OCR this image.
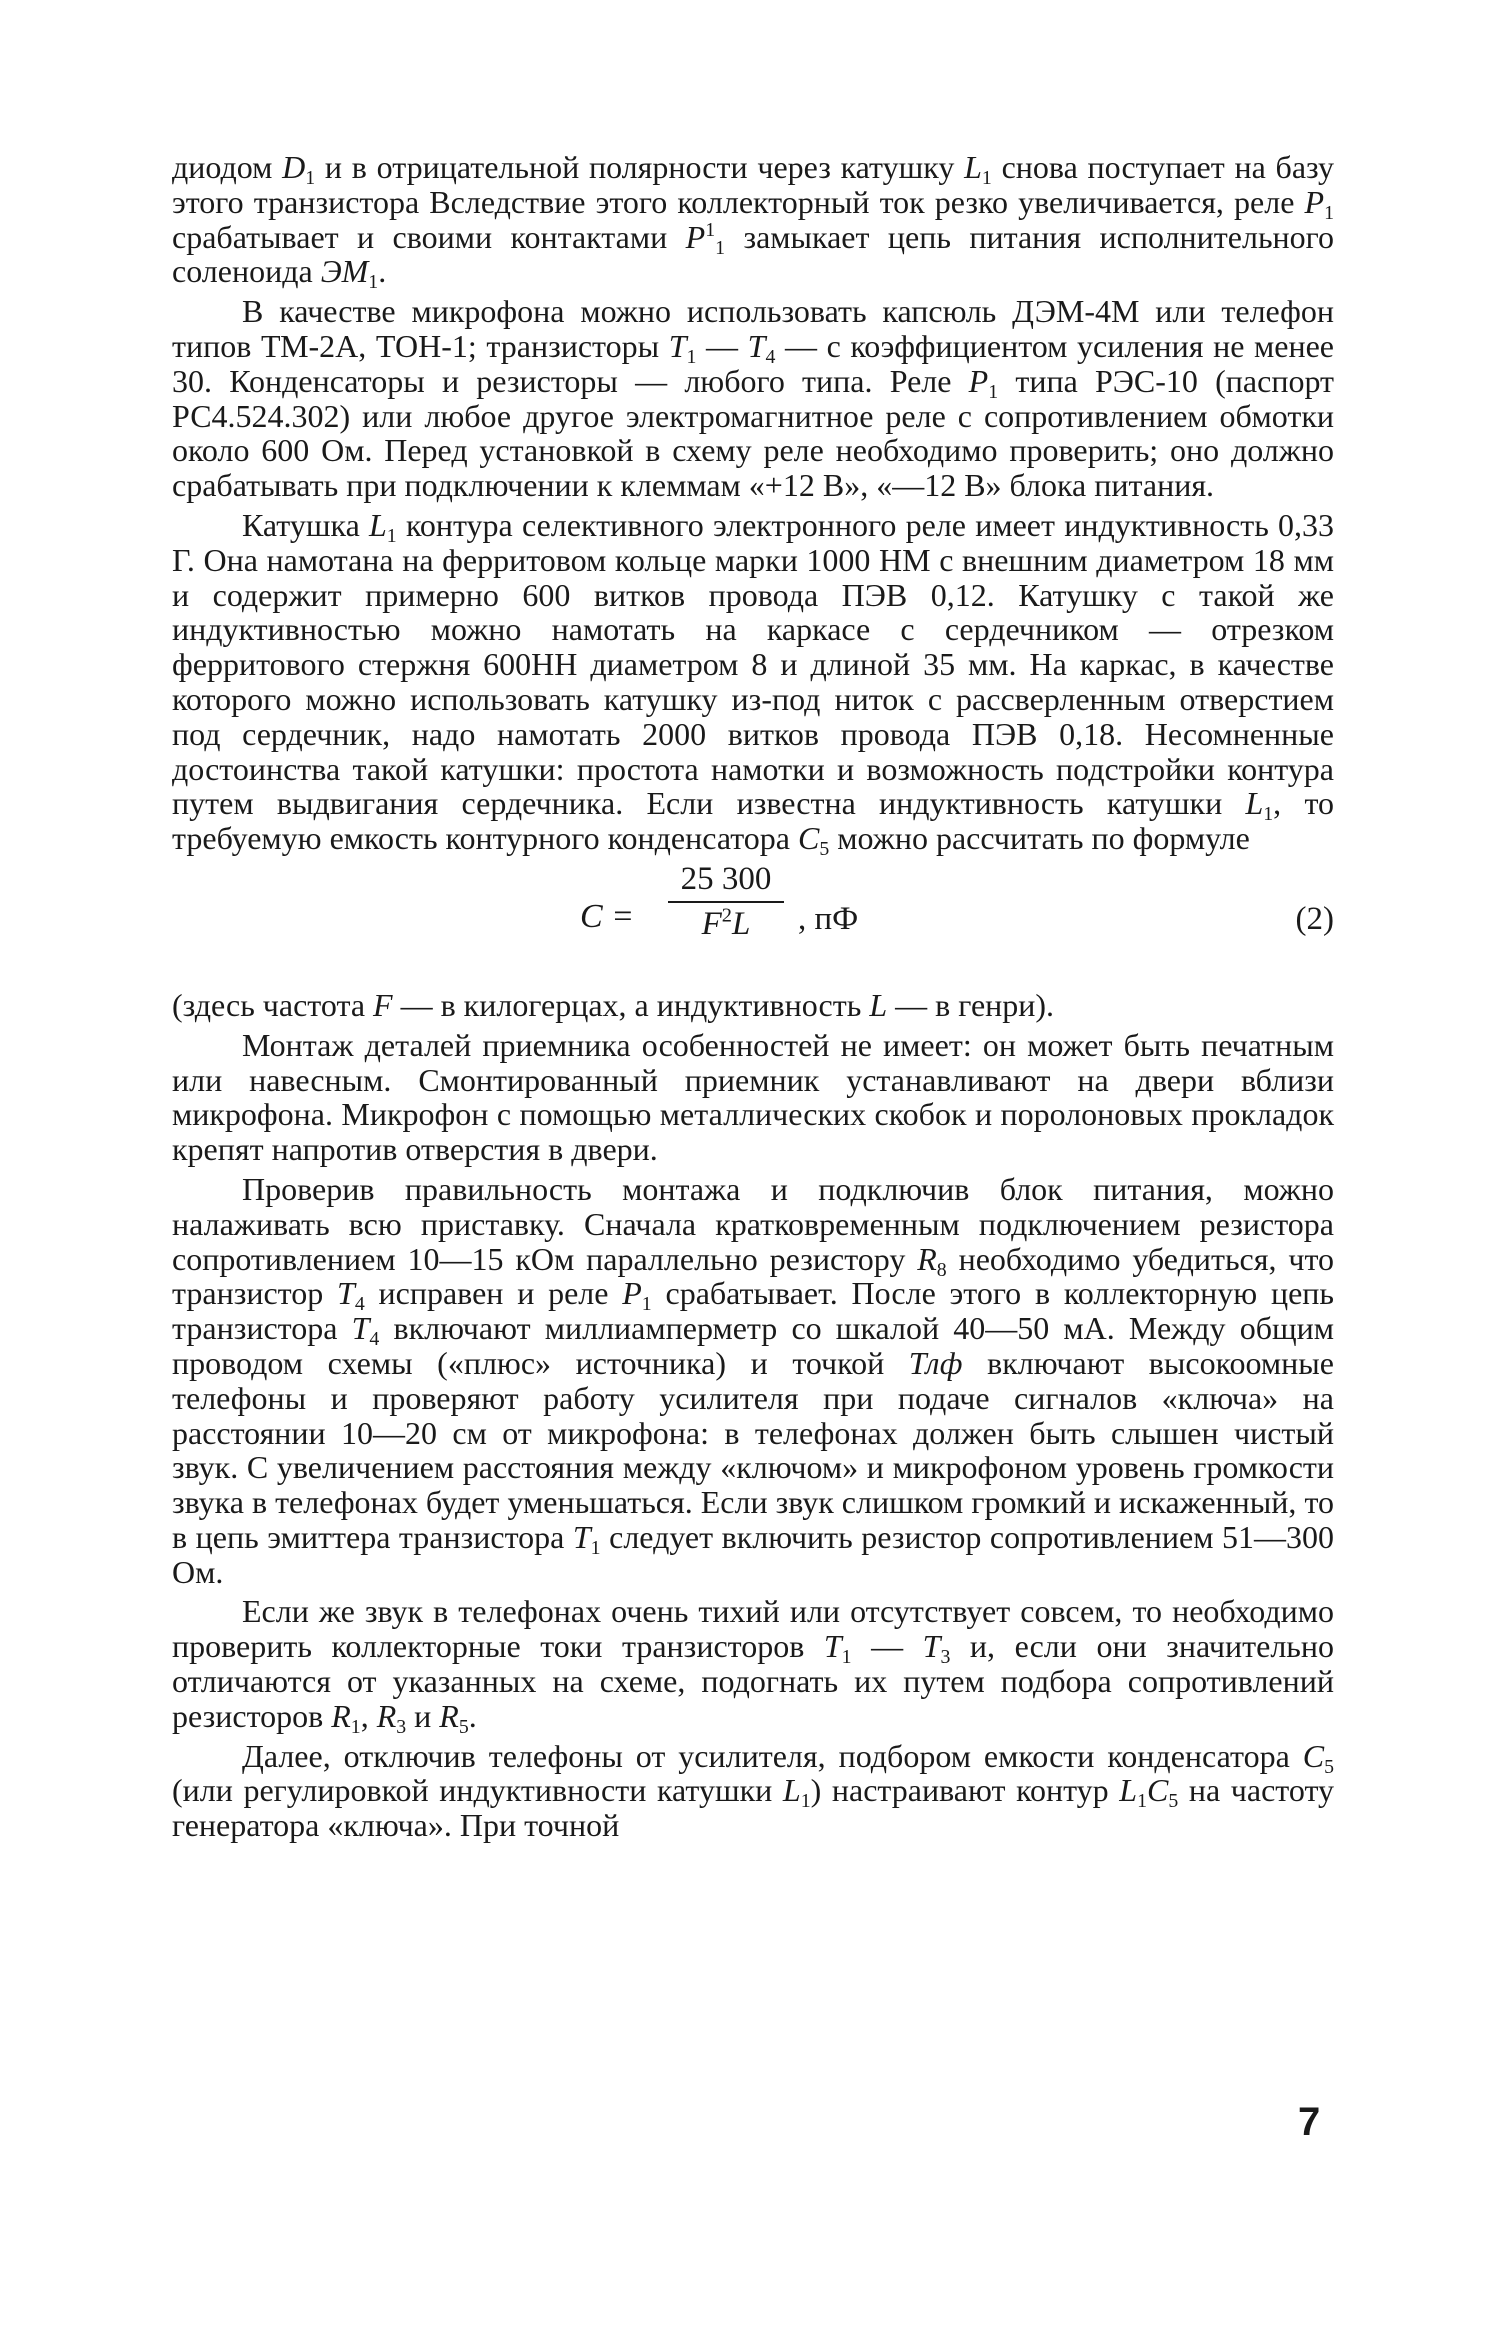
диодом $D_1$ и в отрицательной полярности через катушку $L_1$ снова поступает на базу этого транзистора Вследствие этого коллекторный ток резко увеличивается, реле $P_1$ срабатывает и своими контактами $P^1_1$ замыкает цепь питания исполнительного соленоида $ЭМ_1$.

В качестве микрофона можно использовать капсюль ДЭМ-4М или телефон типов ТМ-2А, ТОН-1; транзисторы $T_1$ — $T_4$ — с коэффициентом усиления не менее 30. Конденсаторы и резисторы — любого типа. Реле $P_1$ типа РЭС-10 (паспорт РС4.524.302) или любое другое электромагнитное реле с сопротивлением обмотки около 600 Ом. Перед установкой в схему реле необходимо проверить; оно должно срабатывать при подключении к клеммам «+12 В», «—12 В» блока питания.

Катушка $L_1$ контура селективного электронного реле имеет индуктивность 0,33 Г. Она намотана на ферритовом кольце марки 1000 НМ с внешним диаметром 18 мм и содержит примерно 600 витков провода ПЭВ 0,12. Катушку с такой же индуктивностью можно намотать на каркасе с сердечником — отрезком ферритового стержня 600НН диаметром 8 и длиной 35 мм. На каркас, в качестве которого можно использовать катушку из-под ниток с рассверленным отверстием под сердечник, надо намотать 2000 витков провода ПЭВ 0,18. Несомненные достоинства такой катушки: простота намотки и возможность подстройки контура путем выдвигания сердечника. Если известна индуктивность катушки $L_1$, то требуемую емкость контурного конденсатора $C_5$ можно рассчитать по формуле

$C = \frac{25 300}{F^2L}$ , пФ	(2)

(здесь частота F — в килогерцах, а индуктивность L — в генри).

Монтаж деталей приемника особенностей не имеет: он может быть печатным или навесным. Смонтированный приемник устанавливают на двери вблизи микрофона. Микрофон с помощью металлических скобок и поролоновых прокладок крепят напротив отверстия в двери.

Проверив правильность монтажа и подключив блок питания, можно налаживать всю приставку. Сначала кратковременным подключением резистора сопротивлением 10—15 кОм параллельно резистору $R_8$ необходимо убедиться, что транзистор $T_4$ исправен и реле $P_1$ срабатывает. После этого в коллекторную цепь транзистора $T_4$ включают миллиамперметр со шкалой 40—50 мА. Между общим проводом схемы («плюс» источника) и точкой Тлф включают высокоомные телефоны и проверяют работу усилителя при подаче сигналов «ключа» на расстоянии 10—20 см от микрофона: в телефонах должен быть слышен чистый звук. С увеличением расстояния между «ключом» и микрофоном уровень громкости звука в телефонах будет уменьшаться. Если звук слишком громкий и искаженный, то в цепь эмиттера транзистора $T_1$ следует включить резистор сопротивлением 51—300 Ом.

Если же звук в телефонах очень тихий или отсутствует совсем, то необходимо проверить коллекторные токи транзисторов $T_1$ — $T_3$ и, если они значительно отличаются от указанных на схеме, подогнать их путем подбора сопротивлений резисторов $R_1$, $R_3$ и $R_5$.

Далее, отключив телефоны от усилителя, подбором емкости конденсатора $C_5$ (или регулировкой индуктивности катушки $L_1$) настраивают контур $L_1C_5$ на частоту генератора «ключа». При точной

7
